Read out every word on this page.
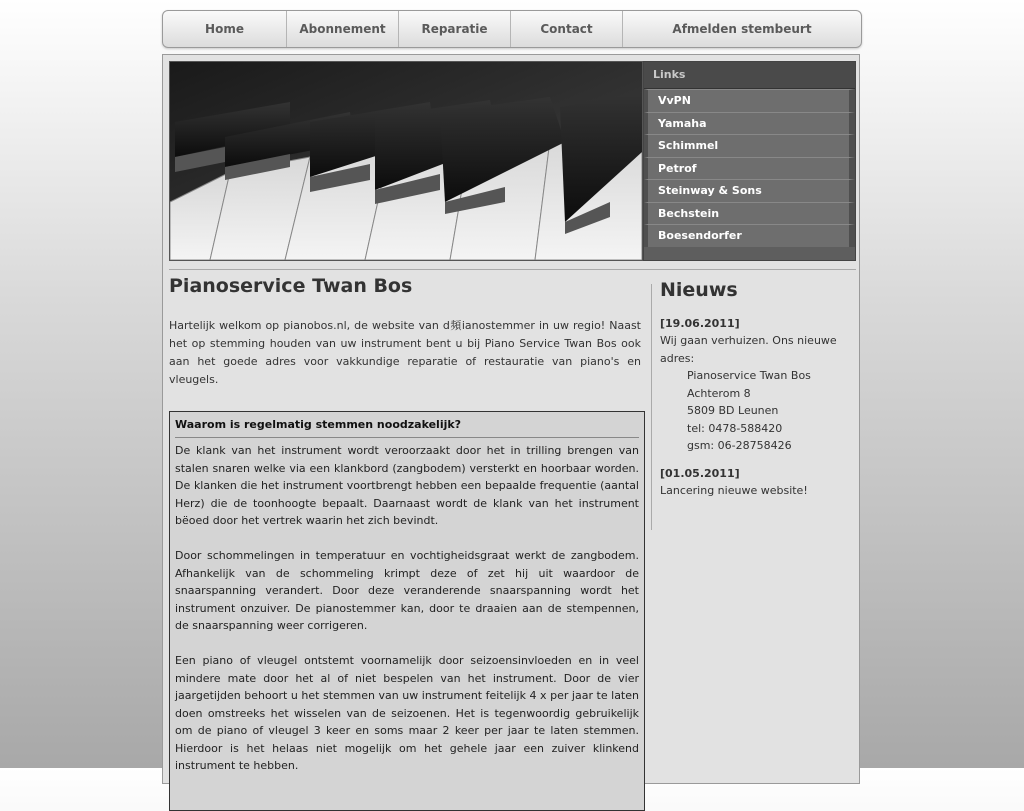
Home	Abonnement	Reparatie	Contact	Afmelden stembeurt
Links
VvPN
Yamaha
Schimmel
Petrof
Steinway & Sons
Bechstein
Boesendorfer
Pianoservice Twan Bos
Hartelijk welkom op pianobos.nl, de website van d頻ianostemmer in uw regio! Naast het op stemming houden van uw instrument bent u bij Piano Service Twan Bos ook aan het goede adres voor vakkundige reparatie of restauratie van piano's en vleugels.
Waarom is regelmatig stemmen noodzakelijk?

De klank van het instrument wordt veroorzaakt door het in trilling brengen van stalen snaren welke via een klankbord (zangbodem) versterkt en hoorbaar worden. De klanken die het instrument voortbrengt hebben een bepaalde frequentie (aantal Herz) die de toonhoogte bepaalt. Daarnaast wordt de klank van het instrument be͏̈oed door het vertrek waarin het zich bevindt.

Door schommelingen in temperatuur en vochtigheidsgraat werkt de zangbodem. Afhankelijk van de schommeling krimpt deze of zet hij uit waardoor de snaarspanning verandert. Door deze veranderende snaarspanning wordt het instrument onzuiver. De pianostemmer kan, door te draaien aan de stempennen, de snaarspanning weer corrigeren.

Een piano of vleugel ontstemt voornamelijk door seizoensinvloeden en in veel mindere mate door het al of niet bespelen van het instrument. Door de vier jaargetijden behoort u het stemmen van uw instrument feitelijk 4 x per jaar te laten doen omstreeks het wisselen van de seizoenen. Het is tegenwoordig gebruikelijk om de piano of vleugel 3 keer en soms maar 2 keer per jaar te laten stemmen. Hierdoor is het helaas niet mogelijk om het gehele jaar een zuiver klinkend instrument te hebben.

Nieuws
[19.06.2011]
Wij gaan verhuizen. Ons nieuwe adres:
Pianoservice Twan Bos
Achterom 8
5809 BD Leunen
tel: 0478-588420
gsm: 06-28758426
[01.05.2011]
Lancering nieuwe website!
